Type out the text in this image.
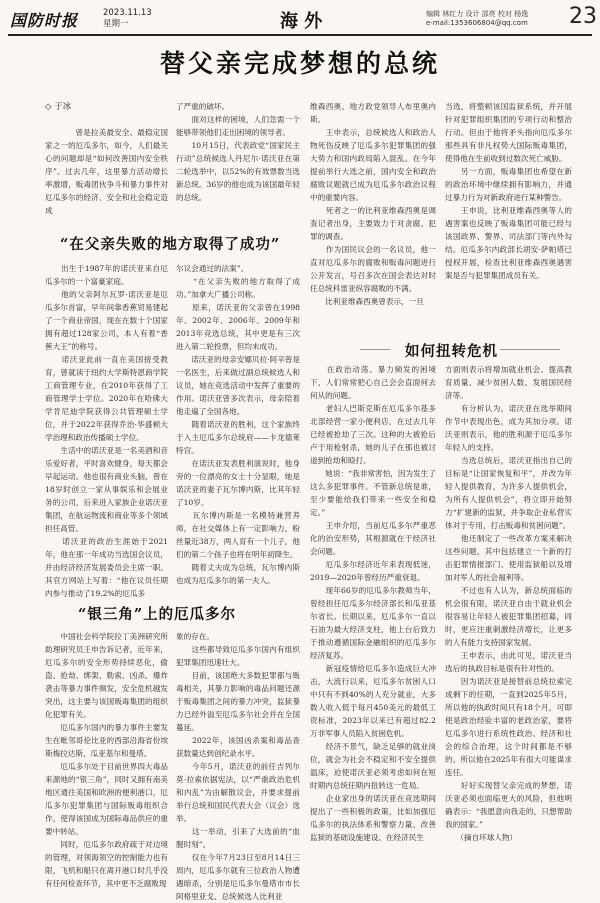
国防时报	2023.11.13
星期一	海 外	编辑 林红力 设计 邵亮 校对 杨逸
e-mail:1353606804@qq.com 23
替父亲完成梦想的总统
◇ 于冰

　　曾是拉美最安全、最稳定国家之一的厄瓜多尔，如今，人们最关心的问题却是“如何改善国内安全秩序”。过去几年，这里暴力活动增长率激增，贩毒团伙争斗和暴力事件对厄瓜多尔的经济、安全和社会稳定造成

了严重的破坏。
　　面对这样的困境，人们急需一个能够带领他们走出困境的领导者。
　　10月15日，代表政党“国家民主行动”总统候选人丹尼尔·诺沃亚在第二轮选举中，以52%的有效票数当选新总统。36岁的他也成为该国最年轻的总统。

维森西奥、地方政党领导人布里奥内斯。
　　王申表示，总统候选人和政治人物死伤反映了厄瓜多尔犯罪集团的强大势力和国内政局陷入混乱。在今年提前举行大选之前，国内安全和政治腐败议题就已成为厄瓜多尔政治议程中的重要内容。
　　死者之一的比利亚维森西奥是调查记者出身，主要致力于对贪腐、犯罪的调查。
　　作为国民议会的一名议员，他一直对厄瓜多尔的腐败和贩毒问题进行公开发言，号召多次在国会表达对时任总统科雷亚纵容腐败的不满。
　　比利亚维森西奥曾表示，一旦

当选，将整顿该国监狱系统，并开展针对犯罪组织集团的专项行动和整治行动。但由于他将矛头指向厄瓜多尔那些具有非凡权势大国际贩毒集团，使得他在生前收到过数次死亡威胁。
　　另一方面，贩毒集团也希望在新的政治环境中继续拥有影响力，并通过暴力行为对新政府进行某种警告。
　　王申说，比利亚维森西奥等人的遇害案也反映了贩毒集团可能已经与该国政界、警界、司法部门等内外勾结。厄瓜多尔内政部长胡安·萨帕塔已授权开展，检查比利亚维森西奥遇害案是否与犯罪集团成员有关。

“在父亲失败的地方取得了成功”

　　出生于1987年的诺沃亚来自厄瓜多尔的一个富豪家庭。
　　他的父亲阿尔瓦罗·诺沃亚是厄瓜多尔首富，早年间靠香蕉贸易建起了一个商业帝国，现在在数十个国家拥有超过128家公司，本人有着“香蕉大王”的称号。
　　诺沃亚此前一直在美国接受教育，曾就读于纽约大学斯特恩商学院工商管理专业，在2010年获得了工商管理学士学位。2020年在哈佛大学肯尼迪学院获得公共管理硕士学位，并于2022年获得乔治·华盛顿大学治理和政治传播硕士学位。
　　生活中的诺沃亚是一名美酒和音乐爱好者，平时喜欢健身，每天都会早起运动。他也很有商业头脑，曾在18岁时创立一家从事娱乐和会展业务的公司，后来进入家族企业诺沃亚集团，在航运物流和商业等多个领域担任高管。
　　诺沃亚的政治生涯始于2021年，他在那一年成功当选国会议员，并由经济经济发展委员会主席一职。其官方网站上写着：“他在议员任期内参与推动了19.2%的厄瓜多

尔议会通过的法案”。
　　“在父亲失败的地方取得了成功。”加拿大广播公司称。
　　原来，诺沃亚的父亲曾在1998年、2002年、2006年、2009年和2013年竞选总统，其中更是有三次进入第二轮投票，但均未成功。
　　诺沃亚的母亲安娜贝拉·阿辛曾是一名医生，后来做过副总统候选人和议员，她在竞选活动中发挥了重要的作用。诺沃亚曾多次表示，母亲陪着他走遍了全国各地。
　　随着诺沃亚的胜利，这个家族终于入主厄瓜多尔总统府——卡龙德莱特宫。
　　在诺沃亚发表胜利演说时，他身旁的一位漂亮的女士十分显眼，她是诺沃亚的妻子瓦尔博内斯，比其年轻了10岁。
　　瓦尔博内斯是一名模特兼营养师，在社交媒体上有一定影响力，粉丝量近38万，两人育有一个儿子，他们的第二个孩子也将在明年初降生。
　　随着丈夫成为总统，瓦尔博内斯也成为厄瓜多尔的第一夫人。

如何扭转危机

　　在政治动荡、暴力频发的困境下，人们常常把心自己会会直面何去何从的问题。
　　老妇人巴斯克斯在厄瓜多尔基多北部经营一家小便利店，在过去几年已经被抢劫了三次。这种的大被抢后卢于用枪射杀，她的儿子在那也被讨道到抢劫和殴打。
　　她说：“我非常害怕，因为发生了这么多犯罪事件。不管新总统是谁，至少要能给我们带来一些安全和稳定。”
　　王申介绍，当前厄瓜多尔严重恶化的治安形势，其根源就在于经济社会问题。
　　厄瓜多尔经济近年来表现低迷，2019—2020年曾经历严重衰退。
　　现年66岁的厄瓜多尔教师当年，曾经担任厄瓜多尔经济部长和瓜亚基尔省长。长期以来，厄瓜多尔一直以石油为最大经济支柱，他上台后致力于推动遵循国际金融组织的厄瓜多尔经济复苏。
　　新冠疫情给厄瓜多尔造成巨大冲击，大流行以来，厄瓜多尔贫困人口中只有不到40%的人充分就业，大多数人收入低于每月450美元的最低工资标准，2023年以来已有超过82.2万非军事人员陷入贫困危机。
　　经济不景气，缺乏足够的就业岗位，就会为社会不稳定和不安全提供温床，迫使诺沃亚必须考虑如何在短时期内总统任期内扭转这一危局。
　　企业家出身的诺沃亚在竞选期间提出了一些积极的政策，比如加强厄瓜多尔的执法体系和警察力量、改善监狱的基础设施建设、在经济民生

方面则表示将增加就业机会、提高教育质量、减少贫困人数、发展国民经济等。
　　有分析认为，诺沃亚在选举期间作节中表现出色，成为其加分项。诺沃亚则表示，他的胜利源于厄瓜多尔年轻人的支持。
　　当选总统后，诺沃亚指出自己的目标是“让国家恢复和平”，并改为年轻人提供教育，为许多人提供机会，为所有人提供机会”，将立即开始努力“扩建新的监狱，并争取企业私营实体对于专用，打击贩毒和贫困问题”。
　　他还制定了一些改革方案来解决这些问题，其中包括建立一个新的打击犯罪情报部门、使用监狱船以及增加对军人的社会福利等。
　　不过也有人认为，新总统面临的机会很有限，诺沃亚自由于就业机会很容易让年轻人被犯罪集团招募，同时，更应注重刺激经济增长，让更多的人有能力支持国家发展。
　　王申表示，由此可见，诺沃亚当选后的执政目标是很有针对性的。
　　因为诺沃亚是接替前总统拉索完成剩下的任期，一直到2025年5月，所以他的执政时间只有18个月，可即使是政治经验丰富的老政治家，要将厄瓜多尔进行系统性政治、经济和社会的综合治理，这个时间都是不够的。所以他在2025年有很大可能谋求连任。
　　好好实现替父亲完成的梦想，诺沃亚必须也面临更大的风险，但他明确表示：“我愿意向我走的，只想帮助我的国家。”
　　（摘自环球人物）

“银三角”上的厄瓜多尔

　　中国社会科学院拉丁美洲研究所助理研究员王申告诉记者，近年来，厄瓜多尔的安全形势持续恶化，偷盗、抢劫、绑架、勒索、凶杀、爆炸袭击等暴力事件频发，安全危机越发突出，这主要与该国贩毒集团的组织化犯罪有关。
　　厄瓜多尔国内的暴力事件主要发生在毗邻哥伦比亚的西部沿海省份埃斯梅拉达斯、瓜亚基尔和曼塔。
　　厄瓜多尔处于目前世界四大毒品来源地的“银三角”，同时又拥有南美地区通往美国和欧洲的便利港口，厄瓜多尔犯罪集团与国际贩毒组织合作，使得该国成为国际毒品供应的重要中转站。
　　同时，厄瓜多尔政府疏于对边境的管理，对领海领空的控制能力也有限，飞机和船只在离开港口时几乎没有任何检查环节，其中更不乏腐败现

象的存在。
　　这些都导致厄瓜多尔国内有组织犯罪集团迅速壮大。
　　目前，该国绝大多数犯罪都与贩毒相关，其暴力影响的毒品问题还源于贩毒集团之间的暴力冲突，监狱暴力已经外溢至厄瓜多尔社会并在全国蔓延。
　　2022年，该国凶杀案和毒品查获数量达到创纪录水平。
　　今年5月，诺沃亚的前任吉列尔莫·拉索依据宪法，以“严重政治危机和内乱”为由解散议会，并要求提前举行总统和国民代表大会（议会）选举。
　　这一举动，引来了大选前的“血腥时刻”。
　　仅在今年7月23日至8月14日三周内，厄瓜多尔就有三位政治人物遭遇暗杀，分别是厄瓜多尔曼塔市市长阿格里亚戈、总统候选人比利亚
